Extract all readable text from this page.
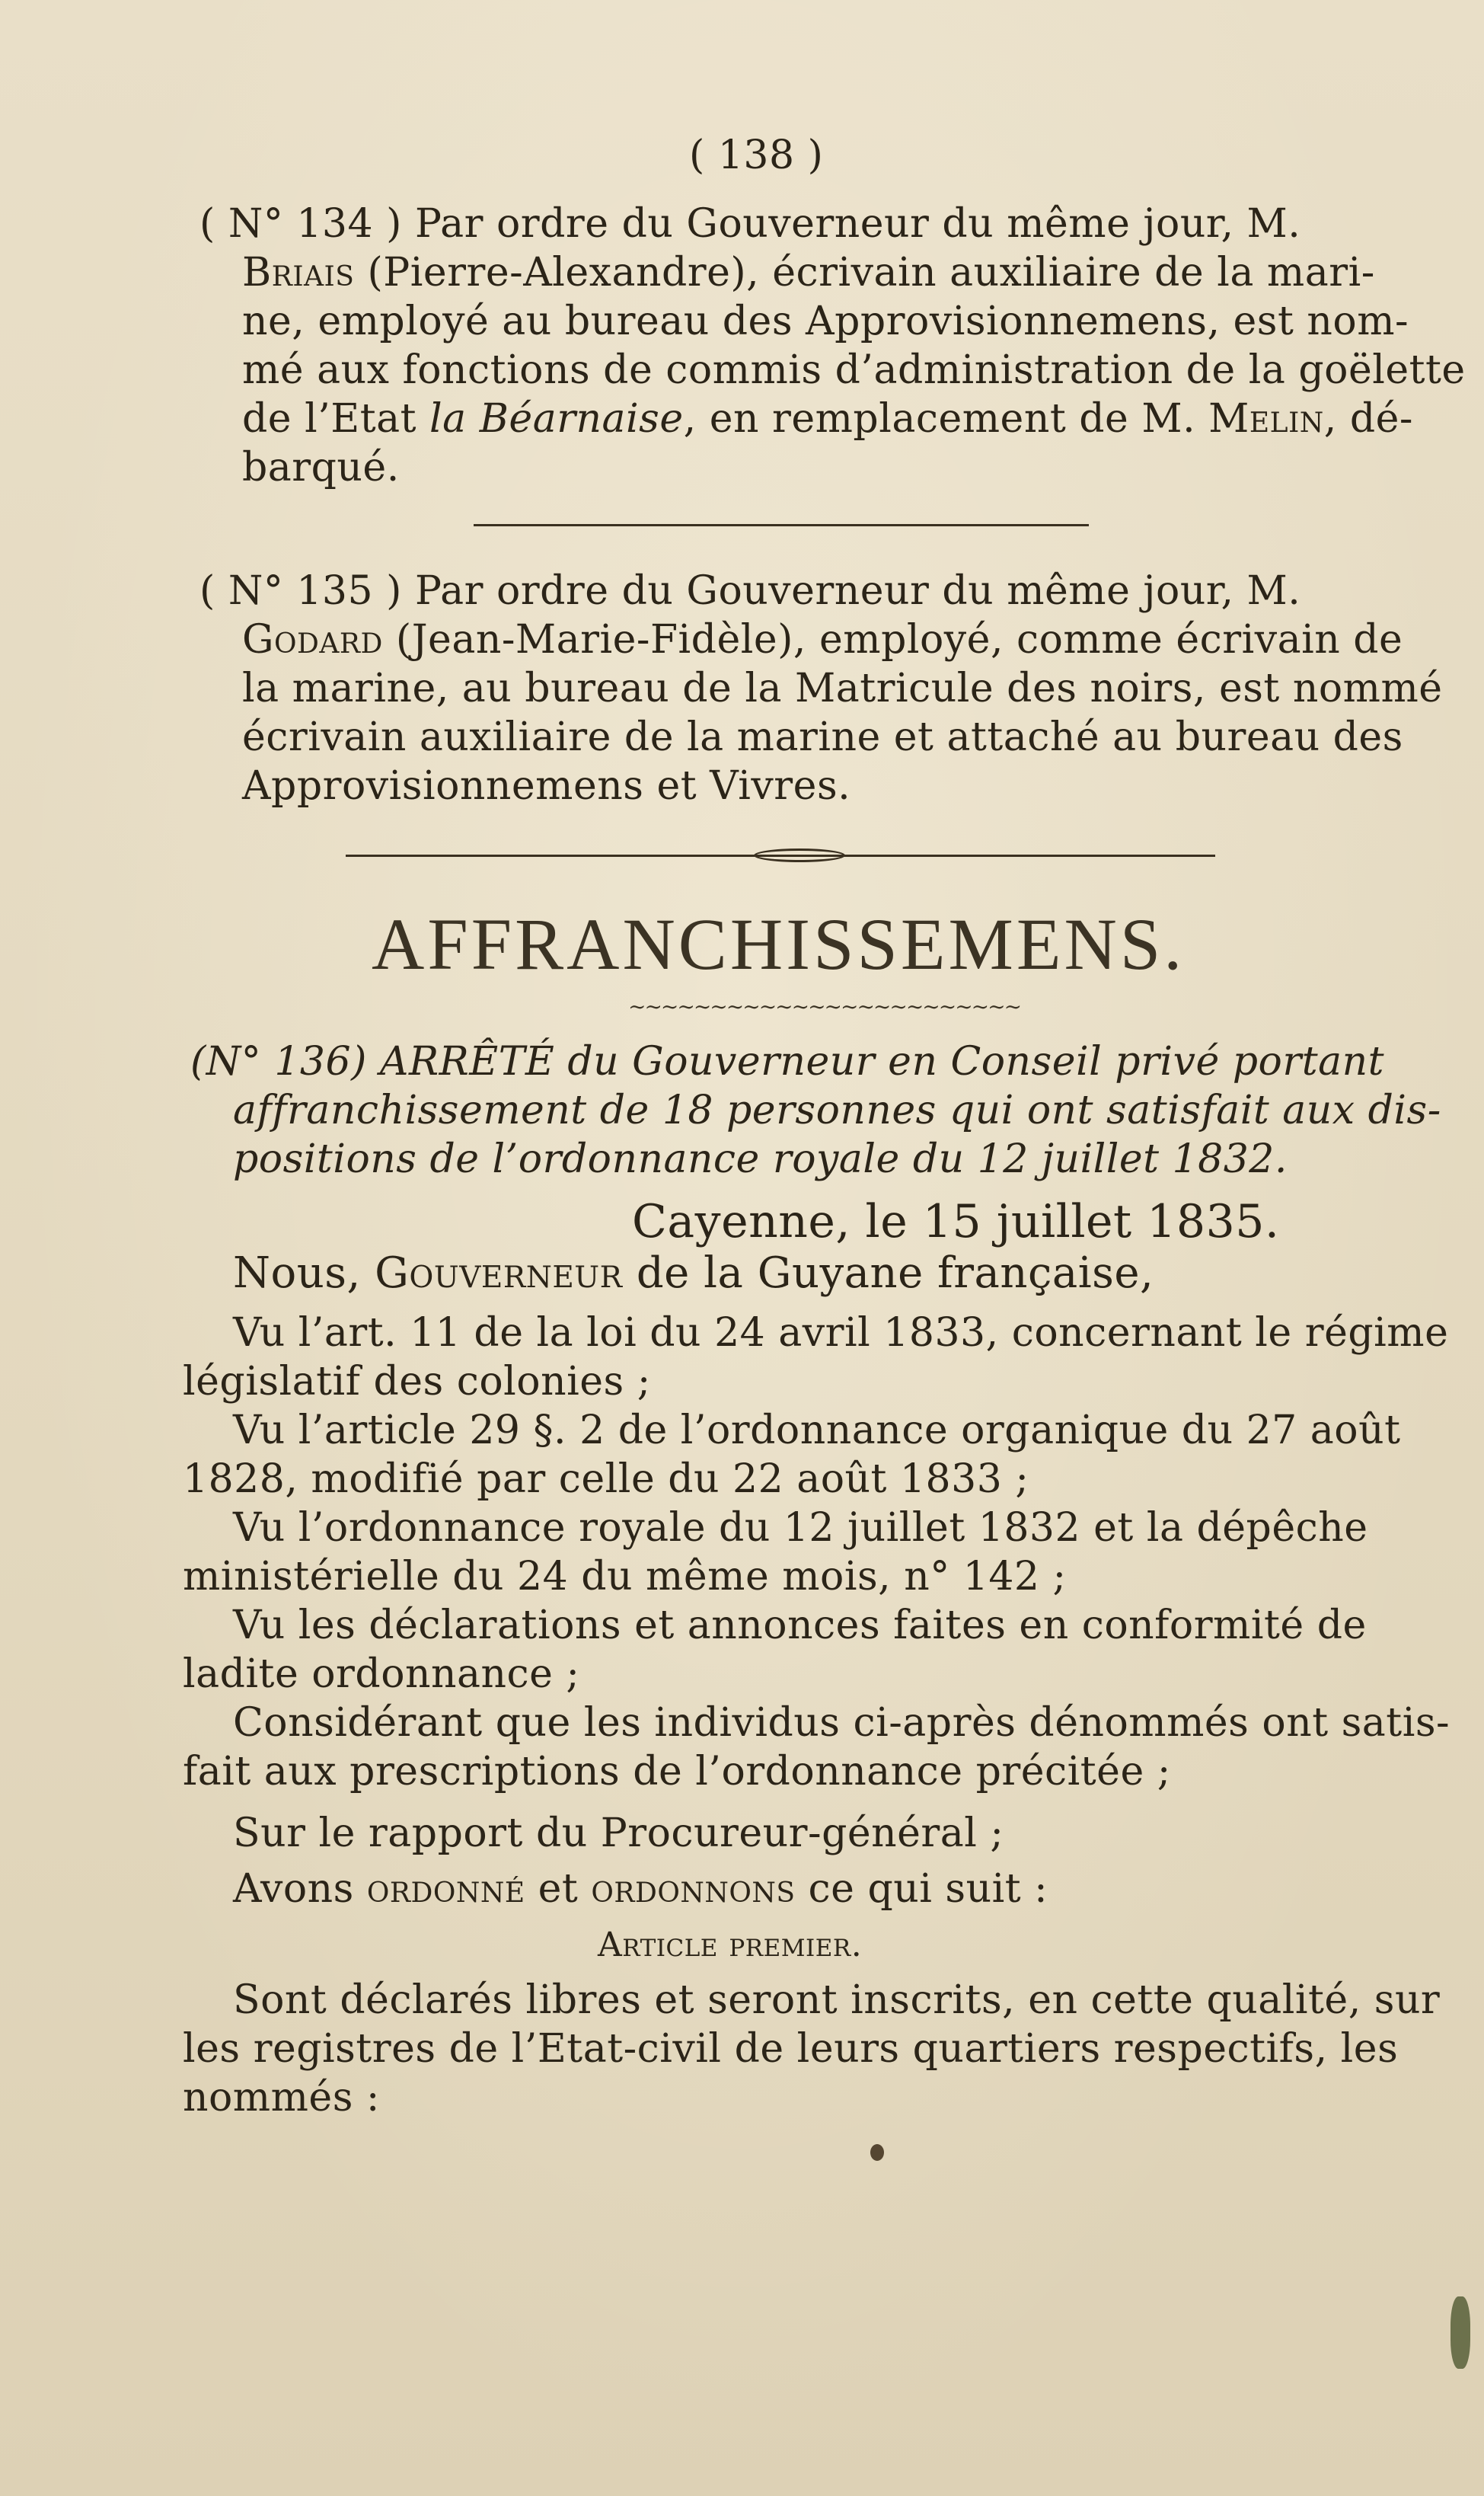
( 138 )
( N° 134 ) Par ordre du Gouverneur du même jour, M.
Briais (Pierre-Alexandre), écrivain auxiliaire de la mari-
ne, employé au bureau des Approvisionnemens, est nom-
mé aux fonctions de commis d’administration de la goëlette
de l’Etat la Béarnaise, en remplacement de M. Melin, dé-
barqué.
( N° 135 ) Par ordre du Gouverneur du même jour, M.
Godard (Jean-Marie-Fidèle), employé, comme écrivain de
la marine, au bureau de la Matricule des noirs, est nommé
écrivain auxiliaire de la marine et attaché au bureau des
Approvisionnemens et Vivres.
AFFRANCHISSEMENS.
∼∼∼∼∼∼∼∼∼∼∼∼∼∼∼∼∼∼∼∼∼∼∼∼
(N° 136) ARRÊTÉ du Gouverneur en Conseil privé portant
affranchissement de 18 personnes qui ont satisfait aux dis-
positions de l’ordonnance royale du 12 juillet 1832.
Cayenne, le 15 juillet 1835.
Nous, Gouverneur de la Guyane française,
Vu l’art. 11 de la loi du 24 avril 1833, concernant le régime
législatif des colonies ;
Vu l’article 29 §. 2 de l’ordonnance organique du 27 août
1828, modifié par celle du 22 août 1833 ;
Vu l’ordonnance royale du 12 juillet 1832 et la dépêche
ministérielle du 24 du même mois, n° 142 ;
Vu les déclarations et annonces faites en conformité de
ladite ordonnance ;
Considérant que les individus ci-après dénommés ont satis-
fait aux prescriptions de l’ordonnance précitée ;
Sur le rapport du Procureur-général ;
Avons ordonné et ordonnons ce qui suit :
Article premier.
Sont déclarés libres et seront inscrits, en cette qualité, sur
les registres de l’Etat-civil de leurs quartiers respectifs, les
nommés :
